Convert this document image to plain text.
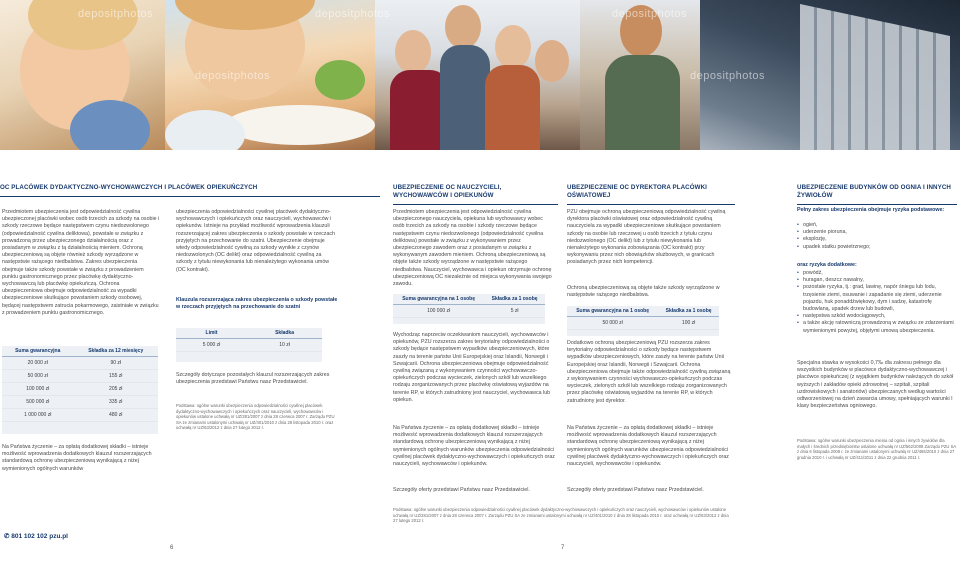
depositphotos	depositphotos
depositphotos
depositphotos
depositphotos
OC PLACÓWEK DYDAKTYCZNO-WYCHOWAWCZYCH I PLACÓWEK OPIEKUŃCZYCH
Przedmiotem ubezpieczenia jest odpowiedzialność cywilna ubezpieczonej placówki wobec osób trzecich za szkody na osobie i szkody rzeczowe będące następstwem czynu niedozwolonego (odpowiedzialność cywilna deliktowa), powstałe w związku z prowadzoną przez ubezpieczonego działalnością oraz z posiadanym w związku z tą działalnością mieniem. Ochroną ubezpieczeniową są objęte również szkody wyrządzone w następstwie rażącego niedbalstwa. Zakres ubezpieczenia obejmuje także szkody powstałe w związku z prowadzeniem punktu gastronomicznego przez placówkę dydaktyczno-wychowawczą lub placówkę opiekuńczą. Ochrona ubezpieczeniowa obejmuje odpowiedzialność za wypadki ubezpieczeniowe skutkujące powstaniem szkody osobowej, będącej następstwem zatrucia pokarmowego, zaistniałe w związku z prowadzeniem punktu gastronomicznego.
Suma gwarancyjna	Składka za 12 miesięcy
20 000 zł	90 zł
50 000 zł	155 zł
100 000 zł	205 zł
500 000 zł	335 zł
1 000 000 zł	480 zł
Na Państwa życzenie – za opłatą dodatkowej składki – istnieje możliwość wprowadzenia dodatkowych klauzul rozszerzających standardową ochronę ubezpieczeniową wynikającą z niżej wymienionych ogólnych warunków
ubezpieczenia odpowiedzialności cywilnej placówek dydaktyczno-wychowawczych i opiekuńczych oraz nauczycieli, wychowawców i opiekunów. Istnieje na przykład możliwość wprowadzenia klauzuli rozszerzającej zakres ubezpieczenia o szkody powstałe w rzeczach przyjętych na przechowanie do szatni. Ubezpieczenie obejmuje wtedy odpowiedzialność cywilną za szkody wynikłe z czynów niedozwolonych (OC delikt) oraz odpowiedzialność cywilną za szkody z tytułu niewykonania lub nienależytego wykonania umów (OC kontrakt).
Klauzula rozszerzająca zakres ubezpieczenia o szkody powstałe w rzeczach przyjętych na przechowanie do szatni
Limit	Składka
5 000 zł	10 zł
Szczegóły dotyczące pozostałych klauzul rozszerzających zakres ubezpieczenia przedstawi Państwu nasz Przedstawiciel.
Podstawa: ogólne warunki ubezpieczenia odpowiedzialności cywilnej placówek dydaktyczno-wychowawczych i opiekuńczych oraz nauczycieli, wychowawców i opiekunów ustalone uchwałą nr UZ/281/2007 z dnia 28 czerwca 2007 r. Zarządu PZU SA ze zmianami ustalonymi uchwałą nr UZ/401/2010 z dnia 28 listopada 2010 r. oraz uchwałą nr UZ/63/2012 z dnia 27 lutego 2012 r.
✆ 801 102 102 pzu.pl
6
UBEZPIECZENIE OC NAUCZYCIELI, WYCHOWAWCÓW I OPIEKUNÓW
Przedmiotem ubezpieczenia jest odpowiedzialność cywilna ubezpieczonego nauczyciela, opiekuna lub wychowawcy wobec osób trzecich za szkody na osobie i szkody rzeczowe będące następstwem czynu niedozwolonego (odpowiedzialność cywilna deliktowa) powstałe w związku z wykonywaniem przez ubezpieczonego zawodem oraz z posiadanym w związku z wykonywanym zawodem mieniem. Ochroną ubezpieczeniową są objęte także szkody wyrządzone w następstwie rażącego niedbalstwa. Nauczyciel, wychowawca i opiekun otrzymuje ochronę ubezpieczeniową OC niezależnie od miejsca wykonywania swojego zawodu.
Suma gwarancyjna na 1 osobę	Składka za 1 osobę
100 000 zł	5 zł
Wychodząc naprzeciw oczekiwaniom nauczycieli, wychowawców i opiekunów, PZU rozszerza zakres terytorialny odpowiedzialności o szkody będące następstwem wypadków ubezpieczeniowych, które zaszły na terenie państw Unii Europejskiej oraz Islandii, Norwegii i Szwajcarii. Ochrona ubezpieczeniowa obejmuje odpowiedzialność cywilną związaną z wykonywaniem czynności wychowawczo-opiekuńczych podczas wycieczek, zielonych szkół lub wszelkiego rodzaju zorganizowanych przez placówkę oświatową wyjazdów na terenie RP, w których zatrudniony jest nauczyciel, wychowawca lub opiekun.
Na Państwa życzenie – za opłatą dodatkowej składki – istnieje możliwość wprowadzenia dodatkowych klauzul rozszerzających standardową ochronę ubezpieczeniową wynikającą z niżej wymienionych ogólnych warunków ubezpieczenia odpowiedzialności cywilnej placówek dydaktyczno-wychowawczych i opiekuńczych oraz nauczycieli, wychowawców i opiekunów.
Szczegóły oferty przedstawi Państwu nasz Przedstawiciel.
UBEZPIECZENIE OC DYREKTORA PLACÓWKI OŚWIATOWEJ
PZU obejmuje ochroną ubezpieczeniową odpowiedzialność cywilną dyrektora placówki oświatowej oraz odpowiedzialność cywilną nauczyciela za wypadki ubezpieczeniowe skutkujące powstaniem szkody na osobie lub rzeczowej u osób trzecich z tytułu czynu niedozwolonego (OC delikt) lub z tytułu niewykonania lub nienależytego wykonania zobowiązania (OC kontrakt) przy wykonywaniu przez nich obowiązków służbowych, w granicach posiadanych przez nich kompetencji.
Ochroną ubezpieczeniową są objęte także szkody wyrządzone w następstwie rażącego niedbalstwa.
Suma gwarancyjna na 1 osobę	Składka za 1 osobę
50 000 zł	100 zł
Dodatkowo ochroną ubezpieczeniową PZU rozszerza zakres terytorialny odpowiedzialności o szkody będące następstwem wypadków ubezpieczeniowych, które zaszły na terenie państw Unii Europejskiej oraz Islandii, Norwegii i Szwajcarii. Ochrona ubezpieczeniowa obejmuje także odpowiedzialność cywilną związaną z wykonywaniem czynności wychowawczo-opiekuńczych podczas wycieczek, zielonych szkół lub wszelkiego rodzaju zorganizowanych przez placówkę oświatową wyjazdów na terenie RP, w których zatrudniony jest dyrektor.
Na Państwa życzenie – za opłatą dodatkowej składki – istnieje możliwość wprowadzenia dodatkowych klauzul rozszerzających standardową ochronę ubezpieczeniową wynikającą z niżej wymienionych ogólnych warunków ubezpieczenia odpowiedzialności cywilnej placówek dydaktyczno-wychowawczych i opiekuńczych oraz nauczycieli, wychowawców i opiekunów.
Szczegóły oferty przedstawi Państwu nasz Przedstawiciel.
7
UBEZPIECZENIE BUDYNKÓW OD OGNIA I INNYCH ŻYWIOŁÓW
Pełny zakres ubezpieczenia obejmuje ryzyka podstawowe:
• ogień,
• uderzenie pioruna,
• eksplozję,
• upadek statku powietrznego;
oraz ryzyka dodatkowe:
• powódź,
• huragan, deszcz nawalny,
• pozostałe ryzyka, tj.: grad, lawinę, napór śniegu lub lodu, trzęsienie ziemi, osuwanie i zapadanie się ziemi, uderzenie pojazdu, huk ponaddźwiękowy, dym i sadzę, katastrofę budowlaną, upadek drzew lub budowli,
• następstwa szkód wodociągowych,
• a także akcję ratowniczą prowadzoną w związku ze zdarzeniami wymienionymi powyżej, objętymi umową ubezpieczenia.
Specjalna stawka w wysokości 0,7‰ dla zakresu pełnego dla wszystkich budynków w placówce dydaktyczno-wychowawczej i placówce opiekuńczej (z wyjątkiem budynków należących do szkół wyższych i zakładów opieki zdrowotnej – szpitali, szpitali uzdrowiskowych i sanatoriów) ubezpieczanych według wartości odtworzeniowej na dzień zawarcia umowy, spełniających warunki I klasy bezpieczeństwa ogniowego.
Podstawa: ogólne warunki ubezpieczenia mienia od ognia i innych żywiołów dla małych i średnich przedsiębiorstw ustalone uchwałą nr UZ/562/2008 Zarządu PZU SA z dnia 6 listopada 2008 r. ze zmianami ustalonymi uchwałą nr UZ/465/2010 z dnia 27 grudnia 2010 r. i uchwałą nr UZ/411/2011 z dnia 22 grudnia 2011 r.
Podstawa: ogólne warunki ubezpieczenia odpowiedzialności cywilnej placówek dydaktyczno-wychowawczych i opiekuńczych oraz nauczycieli, wychowawców i opiekunów ustalone uchwałą nr UZ/281/2007 z dnia 28 czerwca 2007 r. Zarządu PZU SA ze zmianami ustalonymi uchwałą nr UZ/401/2010 z dnia 28 listopada 2010 r. oraz uchwałą nr UZ/63/2012 z dnia 27 lutego 2012 r.
